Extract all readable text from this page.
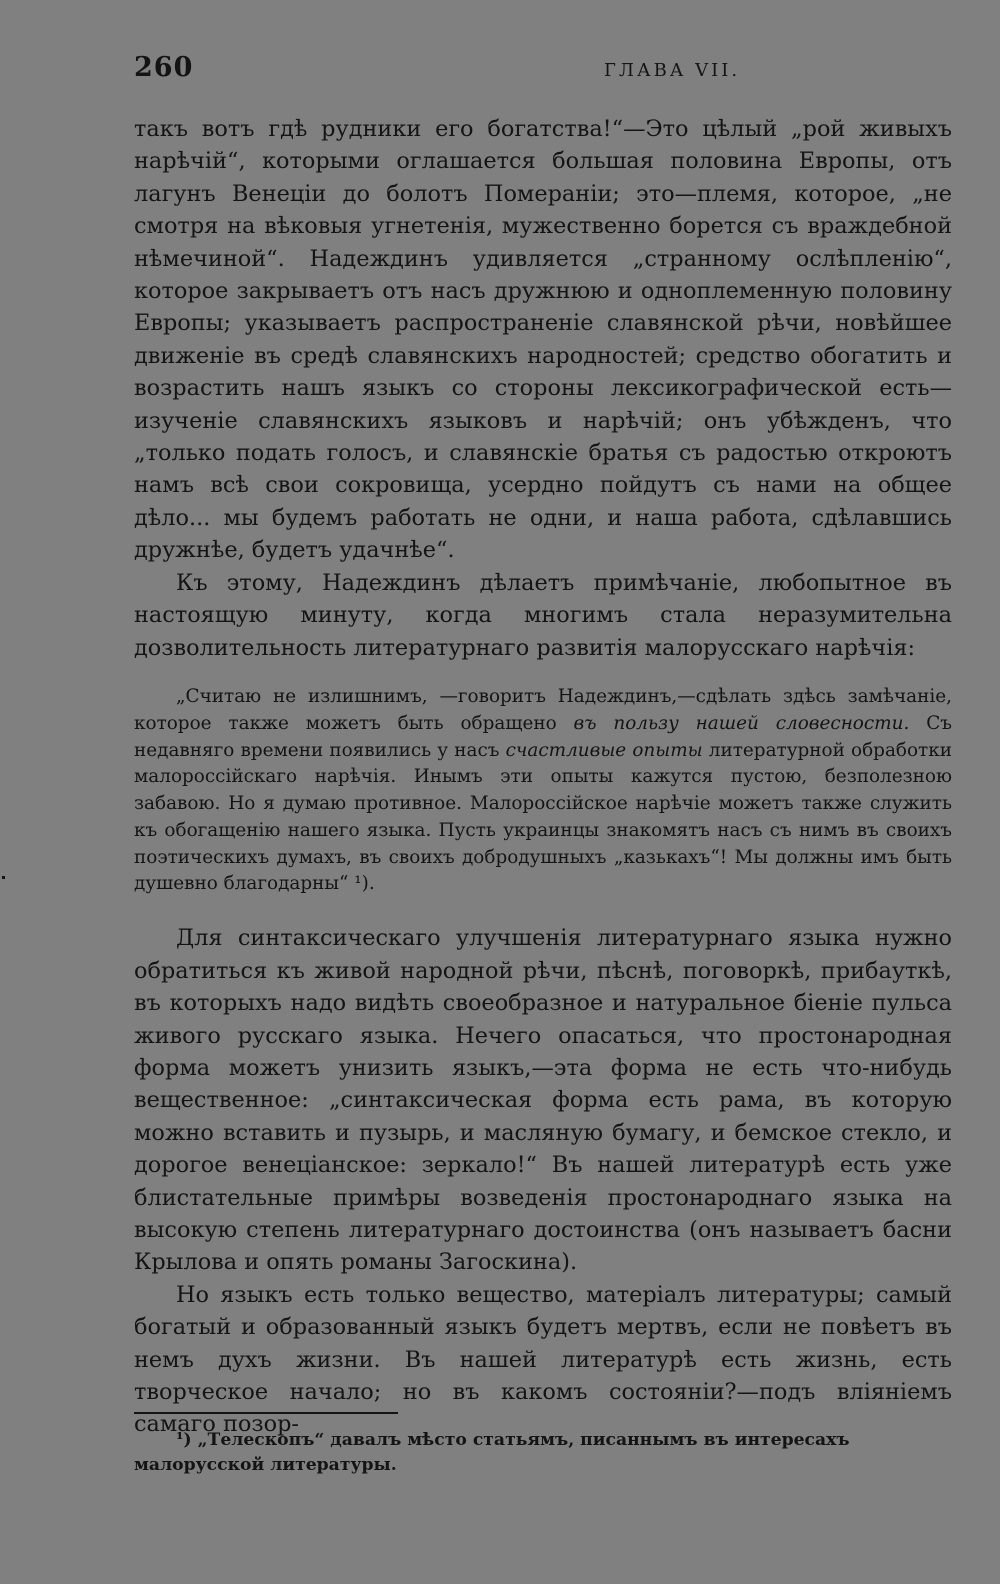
260	ГЛАВА VII.

такъ вотъ гдѣ рудники его богатства!“—Это цѣлый „рой живыхъ нарѣчій“, которыми оглашается большая половина Европы, отъ лагунъ Венеціи до болотъ Помераніи; это—племя, которое, „не смотря на вѣковыя угнетенія, мужественно борется съ враждебной нѣмечиной“. Надеждинъ удивляется „странному ослѣпленію“, которое закрываетъ отъ насъ дружнюю и одноплеменную половину Европы; указываетъ распространеніе славянской рѣчи, новѣйшее движеніе въ средѣ славянскихъ народностей; средство обогатить и возрастить нашъ языкъ со стороны лексикографической есть—изученіе славянскихъ языковъ и нарѣчій; онъ убѣжденъ, что „только подать голосъ, и славянскіе братья съ радостью откроютъ намъ всѣ свои сокровища, усердно пойдутъ съ нами на общее дѣло... мы будемъ работать не одни, и наша работа, сдѣлавшись дружнѣе, будетъ удачнѣе“.

Къ этому, Надеждинъ дѣлаетъ примѣчаніе, любопытное въ настоящую минуту, когда многимъ стала неразумительна дозволительность литературнаго развитія малорусскаго нарѣчія:

„Считаю не излишнимъ, —говоритъ Надеждинъ,—сдѣлать здѣсь замѣчаніе, которое также можетъ быть обращено въ пользу нашей словесности. Съ недавняго времени появились у насъ счастливые опыты литературной обработки малороссійскаго нарѣчія. Инымъ эти опыты кажутся пустою, безполезною забавою. Но я думаю противное. Малороссійское нарѣчіе можетъ также служить къ обогащенію нашего языка. Пусть украинцы знакомятъ насъ съ нимъ въ своихъ поэтическихъ думахъ, въ своихъ добродушныхъ „казькахъ“! Мы должны имъ быть душевно благодарны“ ¹).

Для синтаксическаго улучшенія литературнаго языка нужно обратиться къ живой народной рѣчи, пѣснѣ, поговоркѣ, прибауткѣ, въ которыхъ надо видѣть своеобразное и натуральное біеніе пульса живого русскаго языка. Нечего опасаться, что простонародная форма можетъ унизить языкъ,—эта форма не есть что-нибудь вещественное: „синтаксическая форма есть рама, въ которую можно вставить и пузырь, и масляную бумагу, и бемское стекло, и дорогое венеціанское: зеркало!“ Въ нашей литературѣ есть уже блистательные примѣры возведенія простонароднаго языка на высокую степень литературнаго достоинства (онъ называетъ басни Крылова и опять романы Загоскина).

Но языкъ есть только вещество, матеріалъ литературы; самый богатый и образованный языкъ будетъ мертвъ, если не повѣетъ въ немъ духъ жизни. Въ нашей литературѣ есть жизнь, есть творческое начало; но въ какомъ состояніи?—подъ вліяніемъ самаго позор-

¹) „Телескопъ“ давалъ мѣсто статьямъ, писаннымъ въ интересахъ малорусской литературы.
